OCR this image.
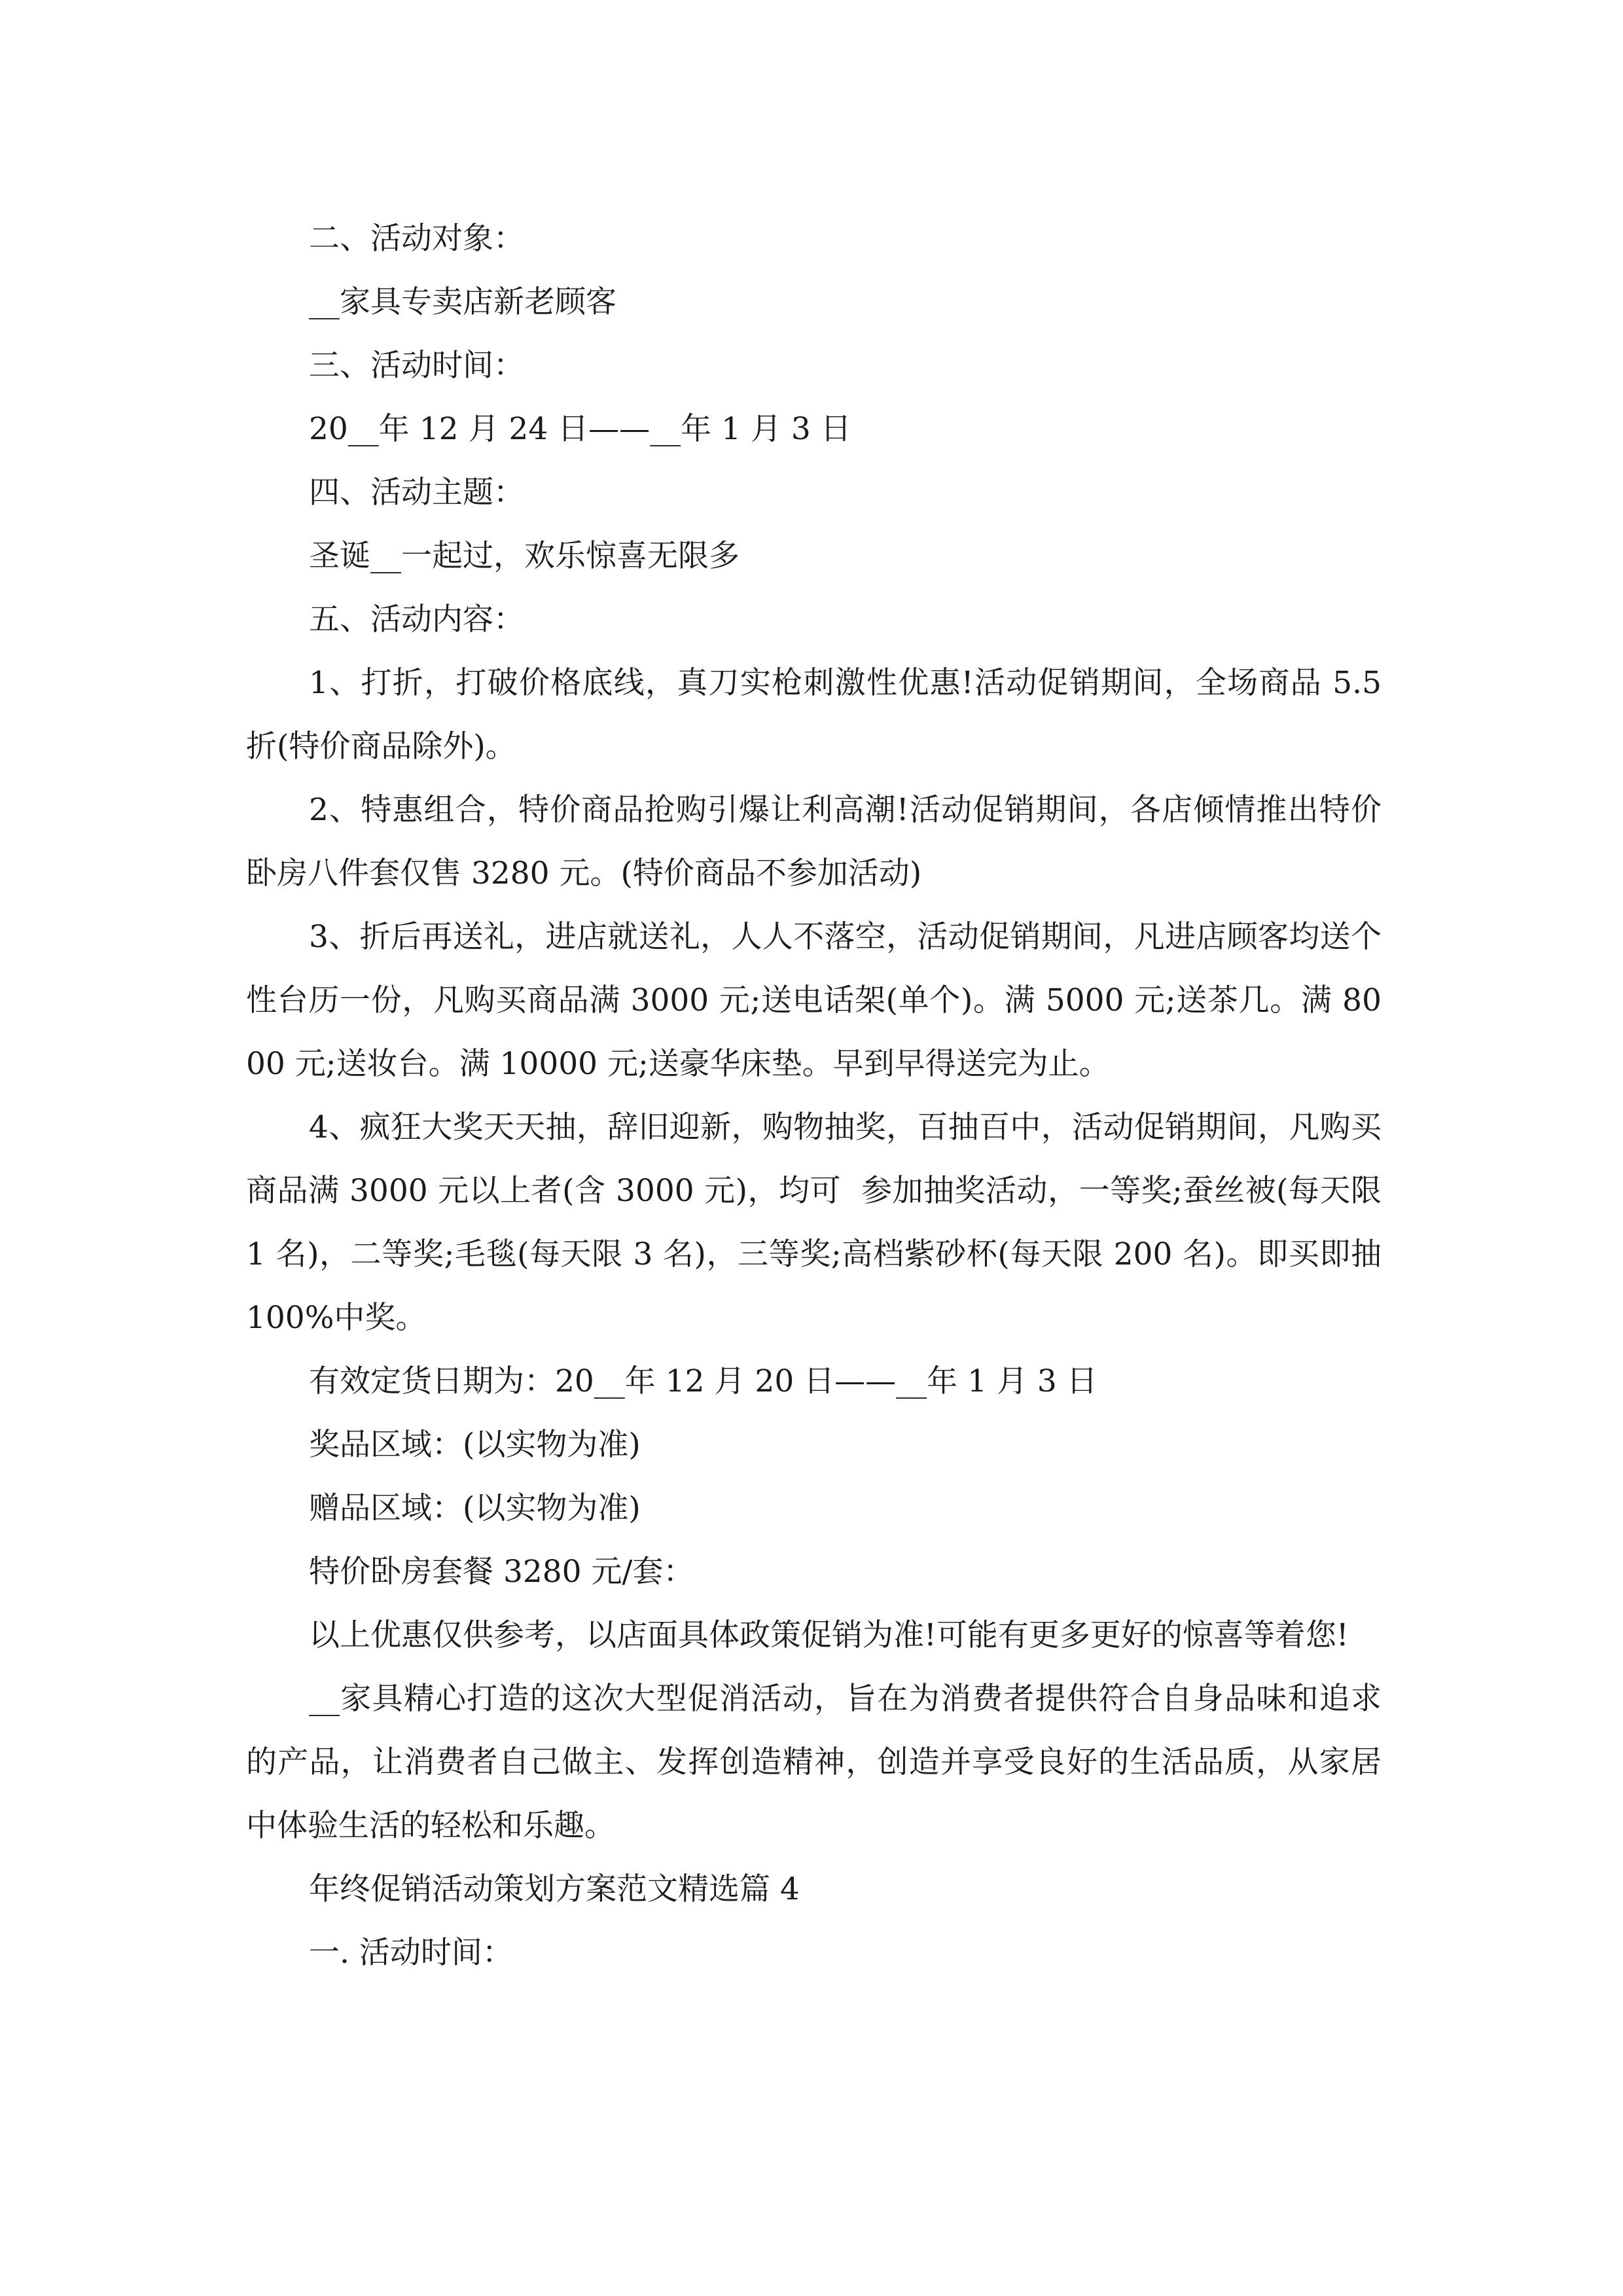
二、活动对象：

__家具专卖店新老顾客

三、活动时间：

20__年 12 月 24 日——__年 1 月 3 日

四、活动主题：

圣诞__一起过，欢乐惊喜无限多

五、活动内容：

1、打折，打破价格底线，真刀实枪刺激性优惠!活动促销期间，全场商品 5.5 折(特价商品除外)。

2、特惠组合，特价商品抢购引爆让利高潮!活动促销期间，各店倾情推出特价卧房八件套仅售 3280 元。(特价商品不参加活动)

3、折后再送礼，进店就送礼，人人不落空，活动促销期间，凡进店顾客均送个性台历一份，凡购买商品满 3000 元;送电话架(单个)。满 5000 元;送茶几。满 8000 元;送妆台。满 10000 元;送豪华床垫。早到早得送完为止。

4、疯狂大奖天天抽，辞旧迎新，购物抽奖，百抽百中，活动促销期间，凡购买商品满 3000 元以上者(含 3000 元)，均可  参加抽奖活动，一等奖;蚕丝被(每天限 1 名)，二等奖;毛毯(每天限 3 名)，三等奖;高档紫砂杯(每天限 200 名)。即买即抽 100%中奖。

有效定货日期为：20__年 12 月 20 日——__年 1 月 3 日

奖品区域：(以实物为准)

赠品区域：(以实物为准)

特价卧房套餐 3280 元/套：

以上优惠仅供参考，以店面具体政策促销为准!可能有更多更好的惊喜等着您!

__家具精心打造的这次大型促消活动，旨在为消费者提供符合自身品味和追求的产品，让消费者自己做主、发挥创造精神，创造并享受良好的生活品质，从家居中体验生活的轻松和乐趣。

年终促销活动策划方案范文精选篇 4

一. 活动时间：
